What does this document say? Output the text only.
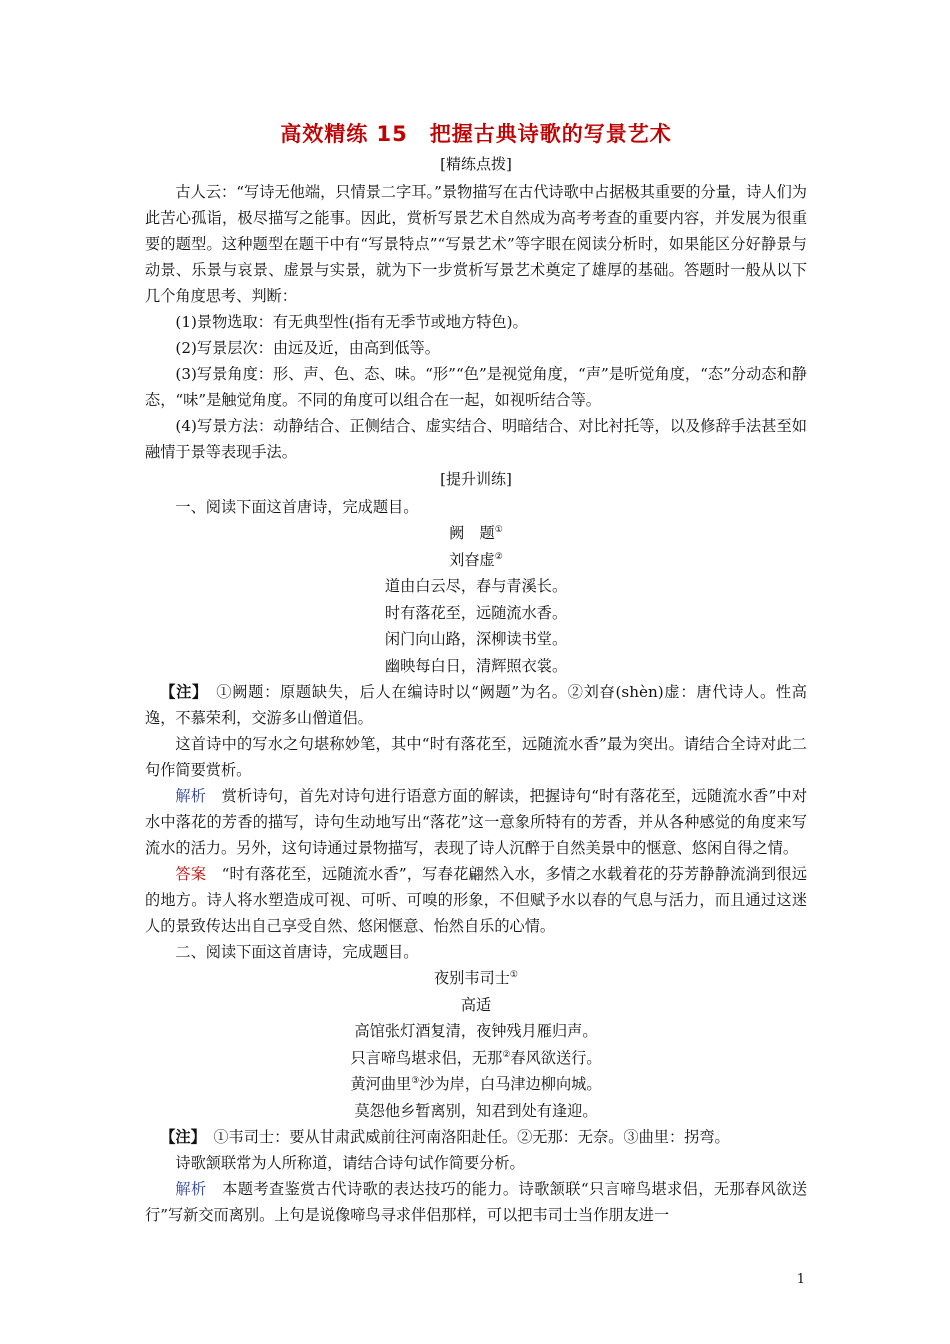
高效精练 15　把握古典诗歌的写景艺术
[精练点拨]

古人云：“写诗无他端，只情景二字耳。”景物描写在古代诗歌中占据极其重要的分量，诗人们为此苦心孤诣，极尽描写之能事。因此，赏析写景艺术自然成为高考考查的重要内容，并发展为很重要的题型。这种题型在题干中有“写景特点”“写景艺术”等字眼在阅读分析时，如果能区分好静景与动景、乐景与哀景、虚景与实景，就为下一步赏析写景艺术奠定了雄厚的基础。答题时一般从以下几个角度思考、判断：

(1)景物选取：有无典型性(指有无季节或地方特色)。

(2)写景层次：由远及近，由高到低等。

(3)写景角度：形、声、色、态、味。“形”“色”是视觉角度，“声”是听觉角度，“态”分动态和静态，“味”是触觉角度。不同的角度可以组合在一起，如视听结合等。

(4)写景方法：动静结合、正侧结合、虚实结合、明暗结合、对比衬托等，以及修辞手法甚至如融情于景等表现手法。

[提升训练]

一、阅读下面这首唐诗，完成题目。

阙　题①
刘昚虚②
道由白云尽，春与青溪长。
时有落花至，远随流水香。
闲门向山路，深柳读书堂。
幽映每白日，清辉照衣裳。

【注】　①阙题：原题缺失，后人在编诗时以“阙题”为名。②刘昚(shèn)虚：唐代诗人。性高逸，不慕荣利，交游多山僧道侣。

这首诗中的写水之句堪称妙笔，其中“时有落花至，远随流水香”最为突出。请结合全诗对此二句作简要赏析。

解析　赏析诗句，首先对诗句进行语意方面的解读，把握诗句“时有落花至，远随流水香”中对水中落花的芳香的描写，诗句生动地写出“落花”这一意象所特有的芳香，并从各种感觉的角度来写流水的活力。另外，这句诗通过景物描写，表现了诗人沉醉于自然美景中的惬意、悠闲自得之情。

答案　“时有落花至，远随流水香”，写春花翩然入水，多情之水载着花的芬芳静静流淌到很远的地方。诗人将水塑造成可视、可听、可嗅的形象，不但赋予水以春的气息与活力，而且通过这迷人的景致传达出自己享受自然、悠闲惬意、怡然自乐的心情。

二、阅读下面这首唐诗，完成题目。

夜别韦司士①
高适
高馆张灯酒复清，夜钟残月雁归声。
只言啼鸟堪求侣，无那②春风欲送行。
黄河曲里③沙为岸，白马津边柳向城。
莫怨他乡暂离别，知君到处有逢迎。

【注】　①韦司士：要从甘肃武威前往河南洛阳赴任。②无那：无奈。③曲里：拐弯。

诗歌颔联常为人所称道，请结合诗句试作简要分析。

解析　本题考查鉴赏古代诗歌的表达技巧的能力。诗歌颔联“只言啼鸟堪求侣，无那春风欲送行”写新交而离别。上句是说像啼鸟寻求伴侣那样，可以把韦司士当作朋友进一

1
